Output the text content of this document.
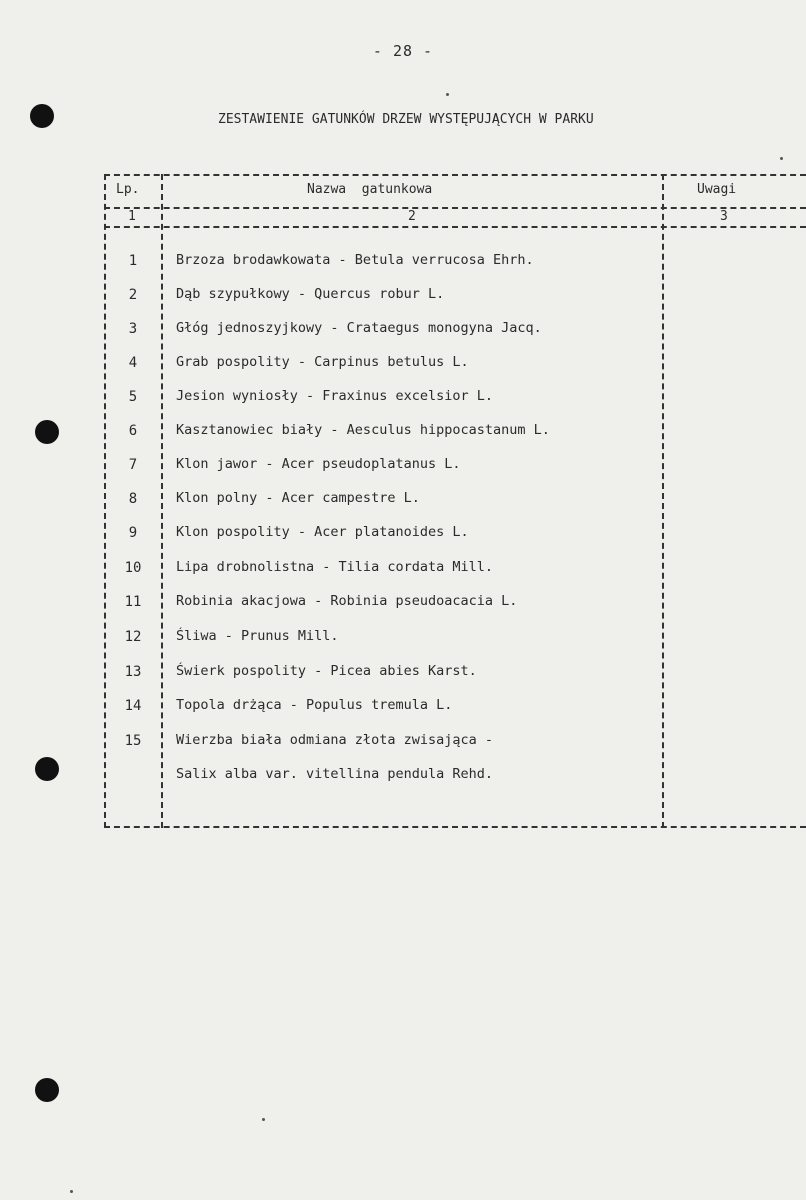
- 28 -
ZESTAWIENIE GATUNKÓW DRZEW WYSTĘPUJĄCYCH W PARKU
Lp.	Nazwa  gatunkowa	Uwagi
1	2	3
1	Brzoza brodawkowata - Betula verrucosa Ehrh.
2	Dąb szypułkowy - Quercus robur L.
3	Głóg jednoszyjkowy - Crataegus monogyna Jacq.
4	Grab pospolity - Carpinus betulus L.
5	Jesion wyniosły - Fraxinus excelsior L.
6	Kasztanowiec biały - Aesculus hippocastanum L.
7	Klon jawor - Acer pseudoplatanus L.
8	Klon polny - Acer campestre L.
9	Klon pospolity - Acer platanoides L.
10	Lipa drobnolistna - Tilia cordata Mill.
11	Robinia akacjowa - Robinia pseudoacacia L.
12	Śliwa - Prunus Mill.
13	Świerk pospolity - Picea abies Karst.
14	Topola drżąca - Populus tremula L.
15	Wierzba biała odmiana złota zwisająca -
Salix alba var. vitellina pendula Rehd.
